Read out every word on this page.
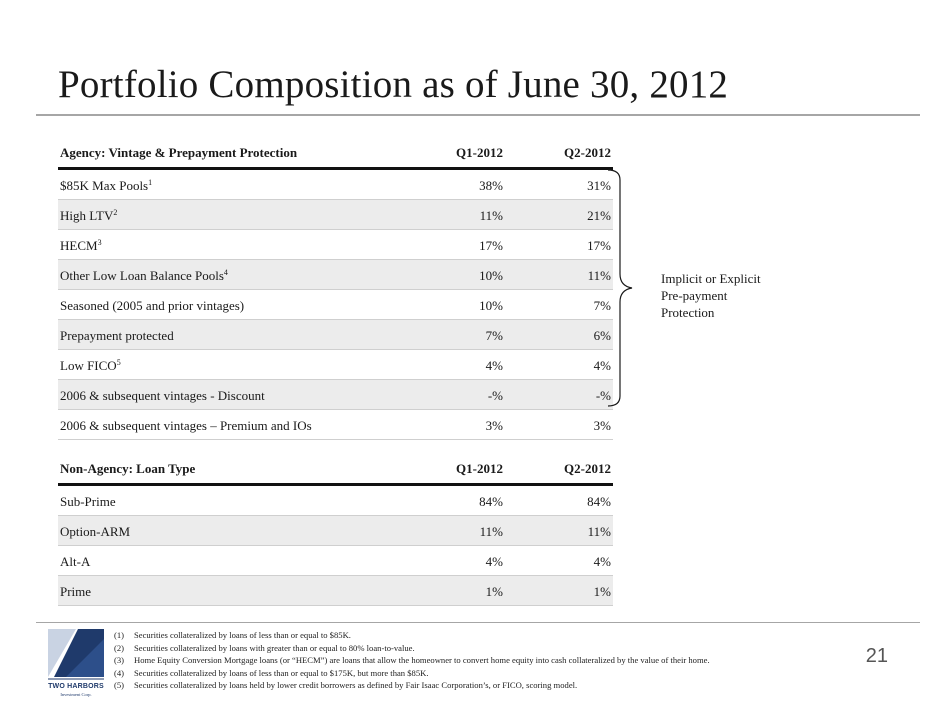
Portfolio Composition as of June 30, 2012
Agency: Vintage & Prepayment Protection	Q1-2012	Q2-2012
$85K Max Pools$^1$	38%	31%
High LTV$^2$	11%	21%
HECM$^3$	17%	17%
Other Low Loan Balance Pools$^4$	10%	11%
Seasoned (2005 and prior vintages)	10%	7%
Prepayment protected	7%	6%
Low FICO$^5$	4%	4%
2006 & subsequent vintages - Discount	-%	-%
2006 & subsequent vintages – Premium and IOs	3%	3%
Implicit or Explicit
Pre-payment
Protection
Non-Agency: Loan Type	Q1-2012	Q2-2012
Sub-Prime	84%	84%
Option-ARM	11%	11%
Alt-A	4%	4%
Prime	1%	1%
TWO HARBORS
Investment Corp.
(1) Securities collateralized by loans of less than or equal to $85K.
(2) Securities collateralized by loans with greater than or equal to 80% loan-to-value.
(3) Home Equity Conversion Mortgage loans (or “HECM”) are loans that allow the homeowner to convert home equity into cash collateralized by the value of their home.
(4) Securities collateralized by loans of less than or equal to $175K, but more than $85K.
(5) Securities collateralized by loans held by lower credit borrowers as defined by Fair Isaac Corporation’s, or FICO, scoring model.
21
